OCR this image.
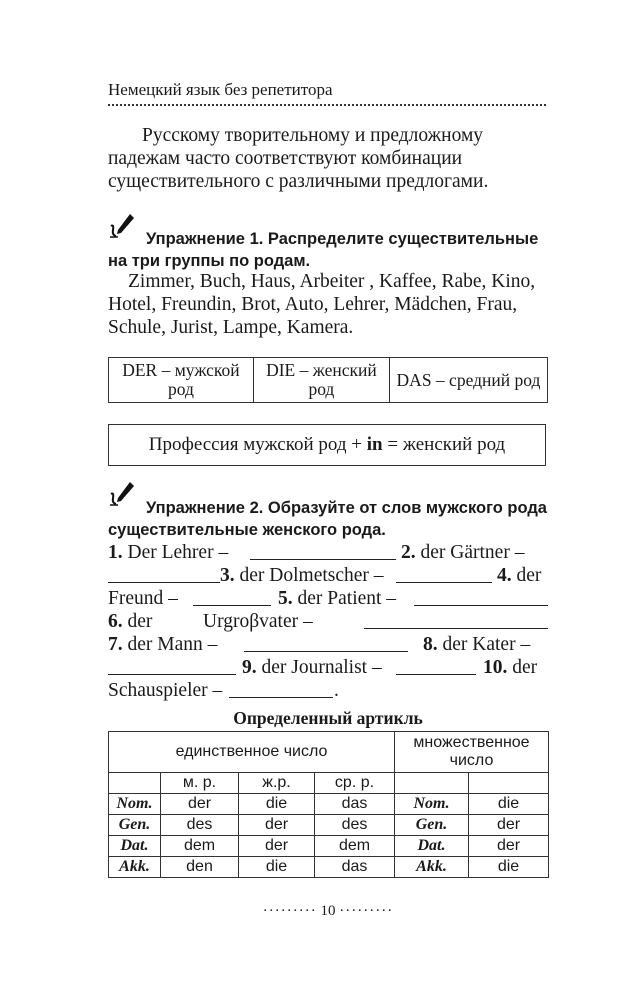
Немецкий язык без репетитора
Русскому творительному и предложному падежам часто соответствуют комбинации существительного с различными предлогами.
Упражнение 1. Распределите существительные на три группы по родам.
Zimmer, Buch, Haus, Arbeiter , Kaffee, Rabe, Kino, Hotel, Freundin, Brot, Auto, Lehrer, Mädchen, Frau, Schule, Jurist, Lampe, Kamera.
DER – мужской род	DIE – женский род	DAS – средний род
Профессия мужской род + in = женский род
Упражнение 2. Образуйте от слов мужского рода существительные женского рода.
1. Der Lehrer –	2. der Gärtner –
3. der Dolmetscher –	4. der
Freund –	5. der Patient –
6. der	Urgroβvater –
7. der Mann –	8. der Kater –
9. der Journalist –	10. der
Schauspieler –	.
Определенный артикль
единственное число				множественное число	
	м. р.	ж.р.	ср. р.		
Nom.	der	die	das	Nom.	die
Gen.	des	der	des	Gen.	der
Dat.	dem	der	dem	Dat.	der
Akk.	den	die	das	Akk.	die
········· 10 ·········
